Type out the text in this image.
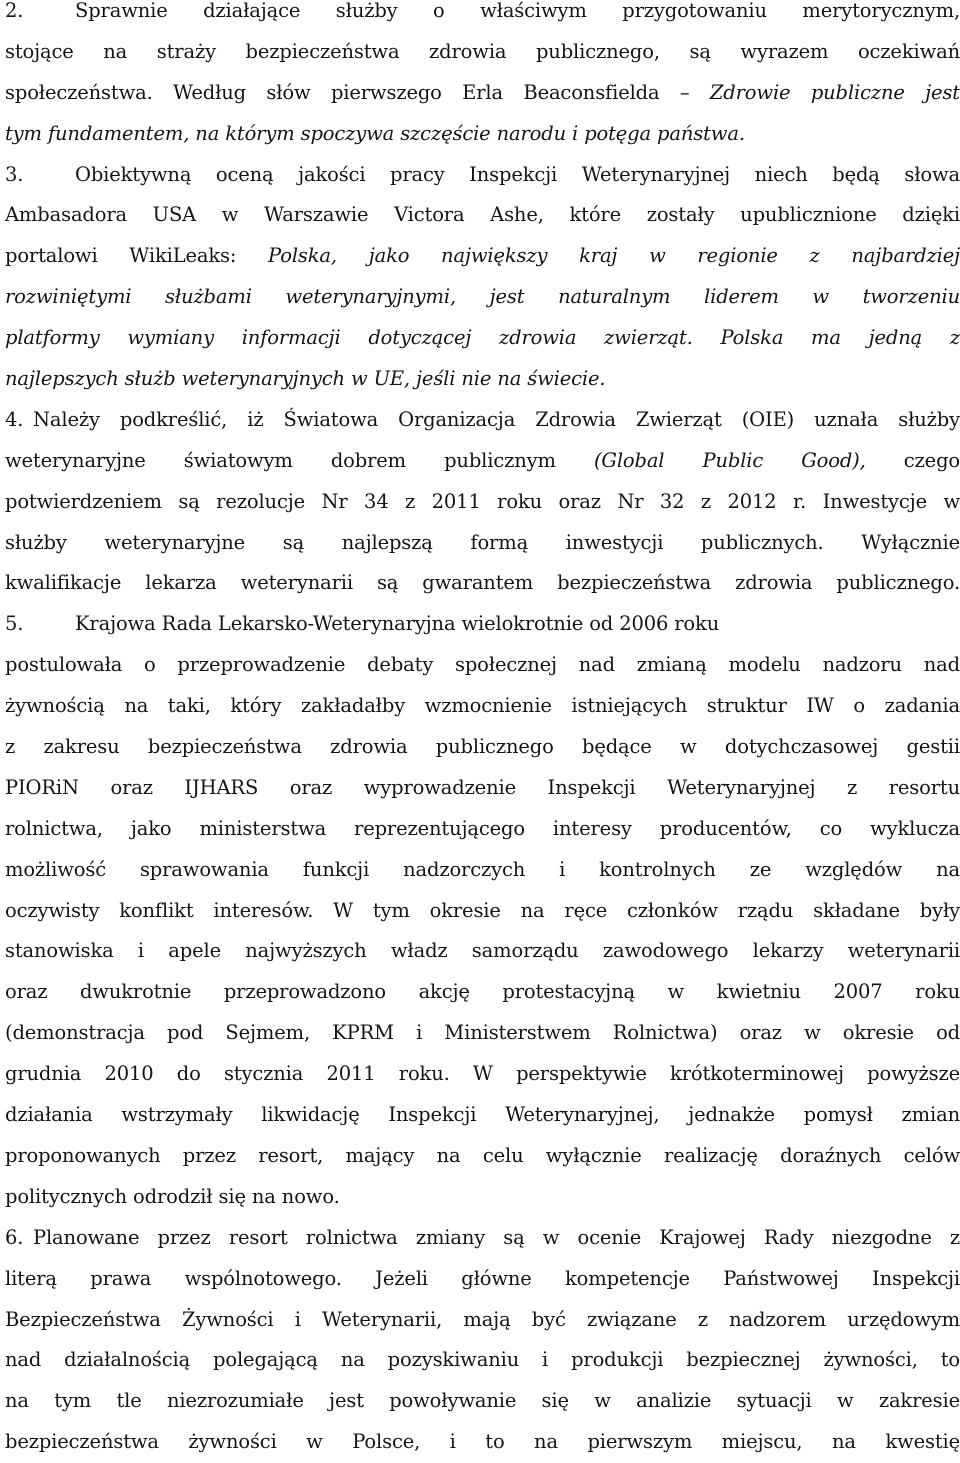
2.	Sprawnie działające służby o właściwym przygotowaniu merytorycznym,
stojące na straży bezpieczeństwa zdrowia publicznego, są wyrazem oczekiwań
społeczeństwa. Według słów pierwszego Erla Beaconsfielda – Zdrowie publiczne jest
tym fundamentem, na którym spoczywa szczęście narodu i potęga państwa.
3.	Obiektywną oceną jakości pracy Inspekcji Weterynaryjnej niech będą słowa
Ambasadora USA w Warszawie Victora Ashe, które zostały upublicznione dzięki
portalowi WikiLeaks: Polska, jako największy kraj w regionie z najbardziej
rozwiniętymi służbami weterynaryjnymi, jest naturalnym liderem w tworzeniu
platformy wymiany informacji dotyczącej zdrowia zwierząt. Polska ma jedną z
najlepszych służb weterynaryjnych w UE, jeśli nie na świecie.
4. Należy podkreślić, iż Światowa Organizacja Zdrowia Zwierząt (OIE) uznała służby
weterynaryjne światowym dobrem publicznym (Global Public Good), czego
potwierdzeniem są rezolucje Nr 34 z 2011 roku oraz Nr 32 z 2012 r. Inwestycje w
służby weterynaryjne są najlepszą formą inwestycji publicznych. Wyłącznie
kwalifikacje lekarza weterynarii są gwarantem bezpieczeństwa zdrowia publicznego.
5.	Krajowa Rada Lekarsko-Weterynaryjna wielokrotnie od 2006 roku
postulowała o przeprowadzenie debaty społecznej nad zmianą modelu nadzoru nad
żywnością na taki, który zakładałby wzmocnienie istniejących struktur IW o zadania
z zakresu bezpieczeństwa zdrowia publicznego będące w dotychczasowej gestii
PIORiN oraz IJHARS oraz wyprowadzenie Inspekcji Weterynaryjnej z resortu
rolnictwa, jako ministerstwa reprezentującego interesy producentów, co wyklucza
możliwość sprawowania funkcji nadzorczych i kontrolnych ze względów na
oczywisty konflikt interesów. W tym okresie na ręce członków rządu składane były
stanowiska i apele najwyższych władz samorządu zawodowego lekarzy weterynarii
oraz dwukrotnie przeprowadzono akcję protestacyjną w kwietniu 2007 roku
(demonstracja pod Sejmem, KPRM i Ministerstwem Rolnictwa) oraz w okresie od
grudnia 2010 do stycznia 2011 roku. W perspektywie krótkoterminowej powyższe
działania wstrzymały likwidację Inspekcji Weterynaryjnej, jednakże pomysł zmian
proponowanych przez resort, mający na celu wyłącznie realizację doraźnych celów
politycznych odrodził się na nowo.
6. Planowane przez resort rolnictwa zmiany są w ocenie Krajowej Rady niezgodne z
literą prawa wspólnotowego. Jeżeli główne kompetencje Państwowej Inspekcji
Bezpieczeństwa Żywności i Weterynarii, mają być związane z nadzorem urzędowym
nad działalnością polegającą na pozyskiwaniu i produkcji bezpiecznej żywności, to
na tym tle niezrozumiałe jest powoływanie się w analizie sytuacji w zakresie
bezpieczeństwa żywności w Polsce, i to na pierwszym miejscu, na kwestię
